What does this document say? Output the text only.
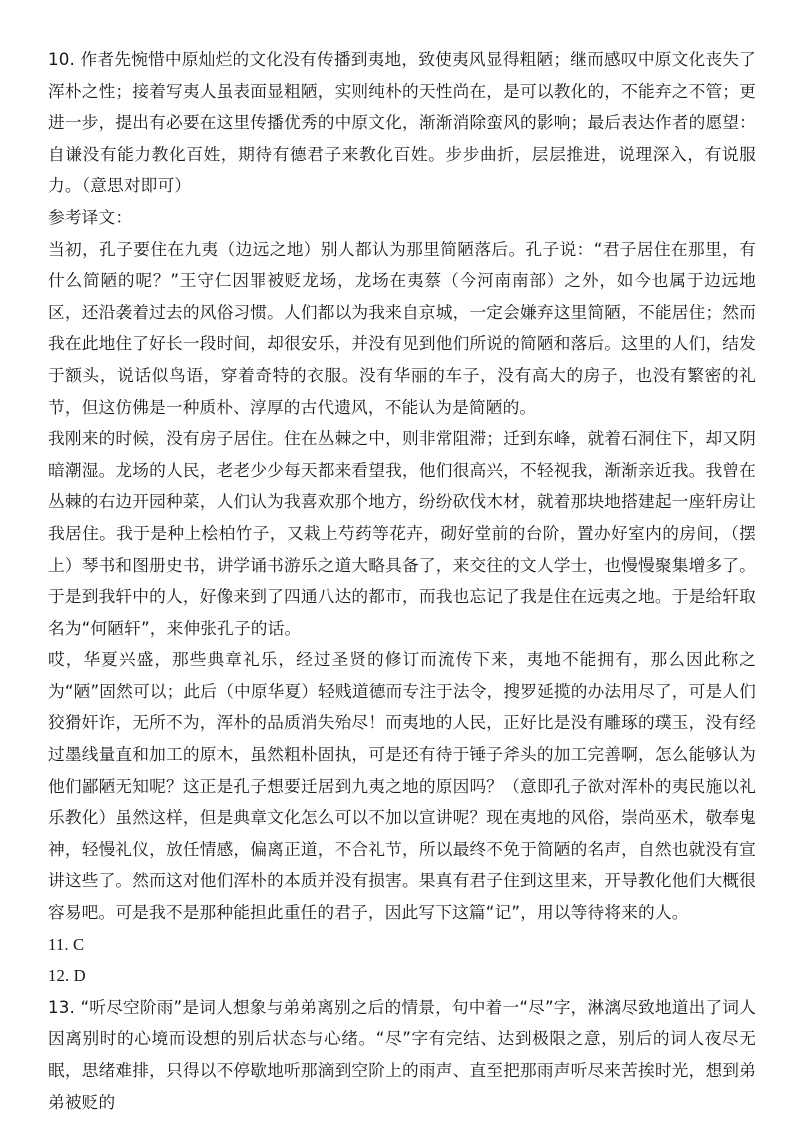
10. 作者先惋惜中原灿烂的文化没有传播到夷地，致使夷风显得粗陋；继而感叹中原文化丧失了浑朴之性；接着写夷人虽表面显粗陋，实则纯朴的天性尚在，是可以教化的，不能弃之不管；更进一步，提出有必要在这里传播优秀的中原文化，渐渐消除蛮风的影响；最后表达作者的愿望：自谦没有能力教化百姓，期待有德君子来教化百姓。步步曲折，层层推进，说理深入，有说服力。（意思对即可）

参考译文：

当初，孔子要住在九夷（边远之地）别人都认为那里简陋落后。孔子说：“君子居住在那里，有什么简陋的呢？”王守仁因罪被贬龙场，龙场在夷蔡（今河南南部）之外，如今也属于边远地区，还沿袭着过去的风俗习惯。人们都以为我来自京城，一定会嫌弃这里简陋，不能居住；然而我在此地住了好长一段时间，却很安乐，并没有见到他们所说的简陋和落后。这里的人们，结发于额头，说话似鸟语，穿着奇特的衣服。没有华丽的车子，没有高大的房子，也没有繁密的礼节，但这仿佛是一种质朴、淳厚的古代遗风，不能认为是简陋的。

我刚来的时候，没有房子居住。住在丛棘之中，则非常阻滞；迁到东峰，就着石洞住下，却又阴暗潮湿。龙场的人民，老老少少每天都来看望我，他们很高兴，不轻视我，渐渐亲近我。我曾在丛棘的右边开园种菜，人们认为我喜欢那个地方，纷纷砍伐木材，就着那块地搭建起一座轩房让我居住。我于是种上桧柏竹子，又栽上芍药等花卉，砌好堂前的台阶，置办好室内的房间，（摆上）琴书和图册史书，讲学诵书游乐之道大略具备了，来交往的文人学士，也慢慢聚集增多了。于是到我轩中的人，好像来到了四通八达的都市，而我也忘记了我是住在远夷之地。于是给轩取名为“何陋轩”，来伸张孔子的话。

哎，华夏兴盛，那些典章礼乐，经过圣贤的修订而流传下来，夷地不能拥有，那么因此称之为“陋”固然可以；此后（中原华夏）轻贱道德而专注于法令，搜罗延揽的办法用尽了，可是人们狡猾奸诈，无所不为，浑朴的品质消失殆尽！而夷地的人民，正好比是没有雕琢的璞玉，没有经过墨线量直和加工的原木，虽然粗朴固执，可是还有待于锤子斧头的加工完善啊，怎么能够认为他们鄙陋无知呢？这正是孔子想要迁居到九夷之地的原因吗？（意即孔子欲对浑朴的夷民施以礼乐教化）虽然这样，但是典章文化怎么可以不加以宣讲呢？现在夷地的风俗，崇尚巫术，敬奉鬼神，轻慢礼仪，放任情感，偏离正道，不合礼节，所以最终不免于简陋的名声，自然也就没有宣讲这些了。然而这对他们浑朴的本质并没有损害。果真有君子住到这里来，开导教化他们大概很容易吧。可是我不是那种能担此重任的君子，因此写下这篇“记”，用以等待将来的人。

11. C

12. D

13. “听尽空阶雨”是词人想象与弟弟离别之后的情景，句中着一“尽”字，淋漓尽致地道出了词人因离别时的心境而设想的别后状态与心绪。“尽”字有完结、达到极限之意，别后的词人夜尽无眠，思绪难排，只得以不停歇地听那滴到空阶上的雨声、直至把那雨声听尽来苦挨时光，想到弟弟被贬的
